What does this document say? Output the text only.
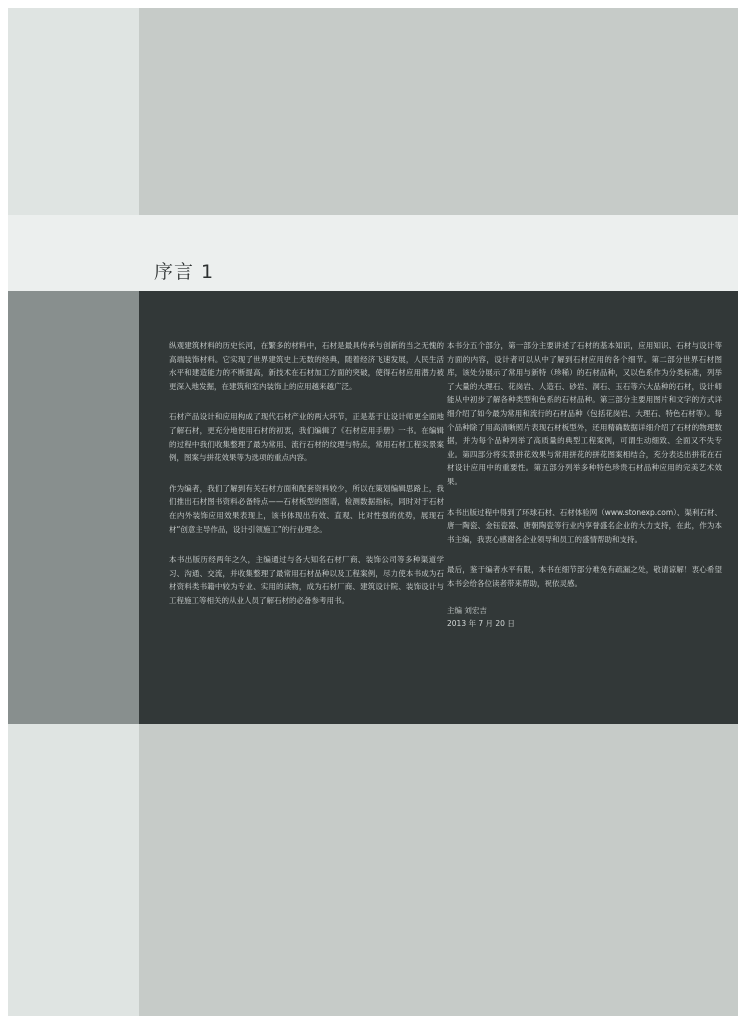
序言 1

纵观建筑材料的历史长河，在繁多的材料中，石材是最具传承与创新的当之无愧的高端装饰材料。它实现了世界建筑史上无数的经典，随着经济飞速发展，人民生活水平和建造能力的不断提高，新技术在石材加工方面的突破，使得石材应用潜力被更深入地发掘，在建筑和室内装饰上的应用越来越广泛。

石材产品设计和应用构成了现代石材产业的两大环节，正是基于让设计师更全面地了解石材，更充分地使用石材的初衷，我们编辑了《石材应用手册》一书。在编辑的过程中我们收集整理了最为常用、流行石材的纹理与特点，常用石材工程实景案例，图案与拼花效果等为选项的重点内容。

作为编者，我们了解到有关石材方面和配套资料较少，所以在策划编辑思路上，我们推出石材图书资料必备特点——石材板型的图谱，检测数据指标，同时对于石材在内外装饰应用效果表现上，该书体现出有效、直观、比对性强的优势，展现石材“创意主导作品，设计引领施工”的行业理念。

本书出版历经两年之久，主编通过与各大知名石材厂商、装饰公司等多种渠道学习、沟通、交流，并收集整理了最常用石材品种以及工程案例，尽力使本书成为石材资料类书籍中较为专业、实用的读物，成为石材厂商、建筑设计院、装饰设计与工程施工等相关的从业人员了解石材的必备参考用书。

本书分五个部分，第一部分主要讲述了石材的基本知识，应用知识、石材与设计等方面的内容，设计者可以从中了解到石材应用的各个细节。第二部分世界石材图库，该处分展示了常用与新特（珍稀）的石材品种，又以色系作为分类标准，列举了大量的大理石、花岗岩、人造石、砂岩、洞石、玉石等六大品种的石材，设计师能从中初步了解各种类型和色系的石材品种。第三部分主要用图片和文字的方式详细介绍了如今最为常用和流行的石材品种（包括花岗岩、大理石、特色石材等）。每个品种除了用高清晰照片表现石材板型外，还用精确数据详细介绍了石材的物理数据，并为每个品种列举了高质量的典型工程案例，可谓生动细致、全面又不失专业。第四部分将实景拼花效果与常用拼花的拼花图案相结合，充分表达出拼花在石材设计应用中的重要性。第五部分列举多种特色珍贵石材品种应用的完美艺术效果。

本书出版过程中得到了环球石材、石材体验网（www.stonexp.com）、渠利石材、唐一陶瓷、金钰瓷器、唐朝陶瓷等行业内享誉盛名企业的大力支持，在此，作为本书主编，我衷心感谢各企业领导和员工的盛情帮助和支持。

最后，鉴于编者水平有限，本书在细节部分难免有疏漏之处，敬请谅解！衷心希望本书会给各位读者带来帮助，祝依灵感。

主编 刘宏吉

2013 年 7 月 20 日
